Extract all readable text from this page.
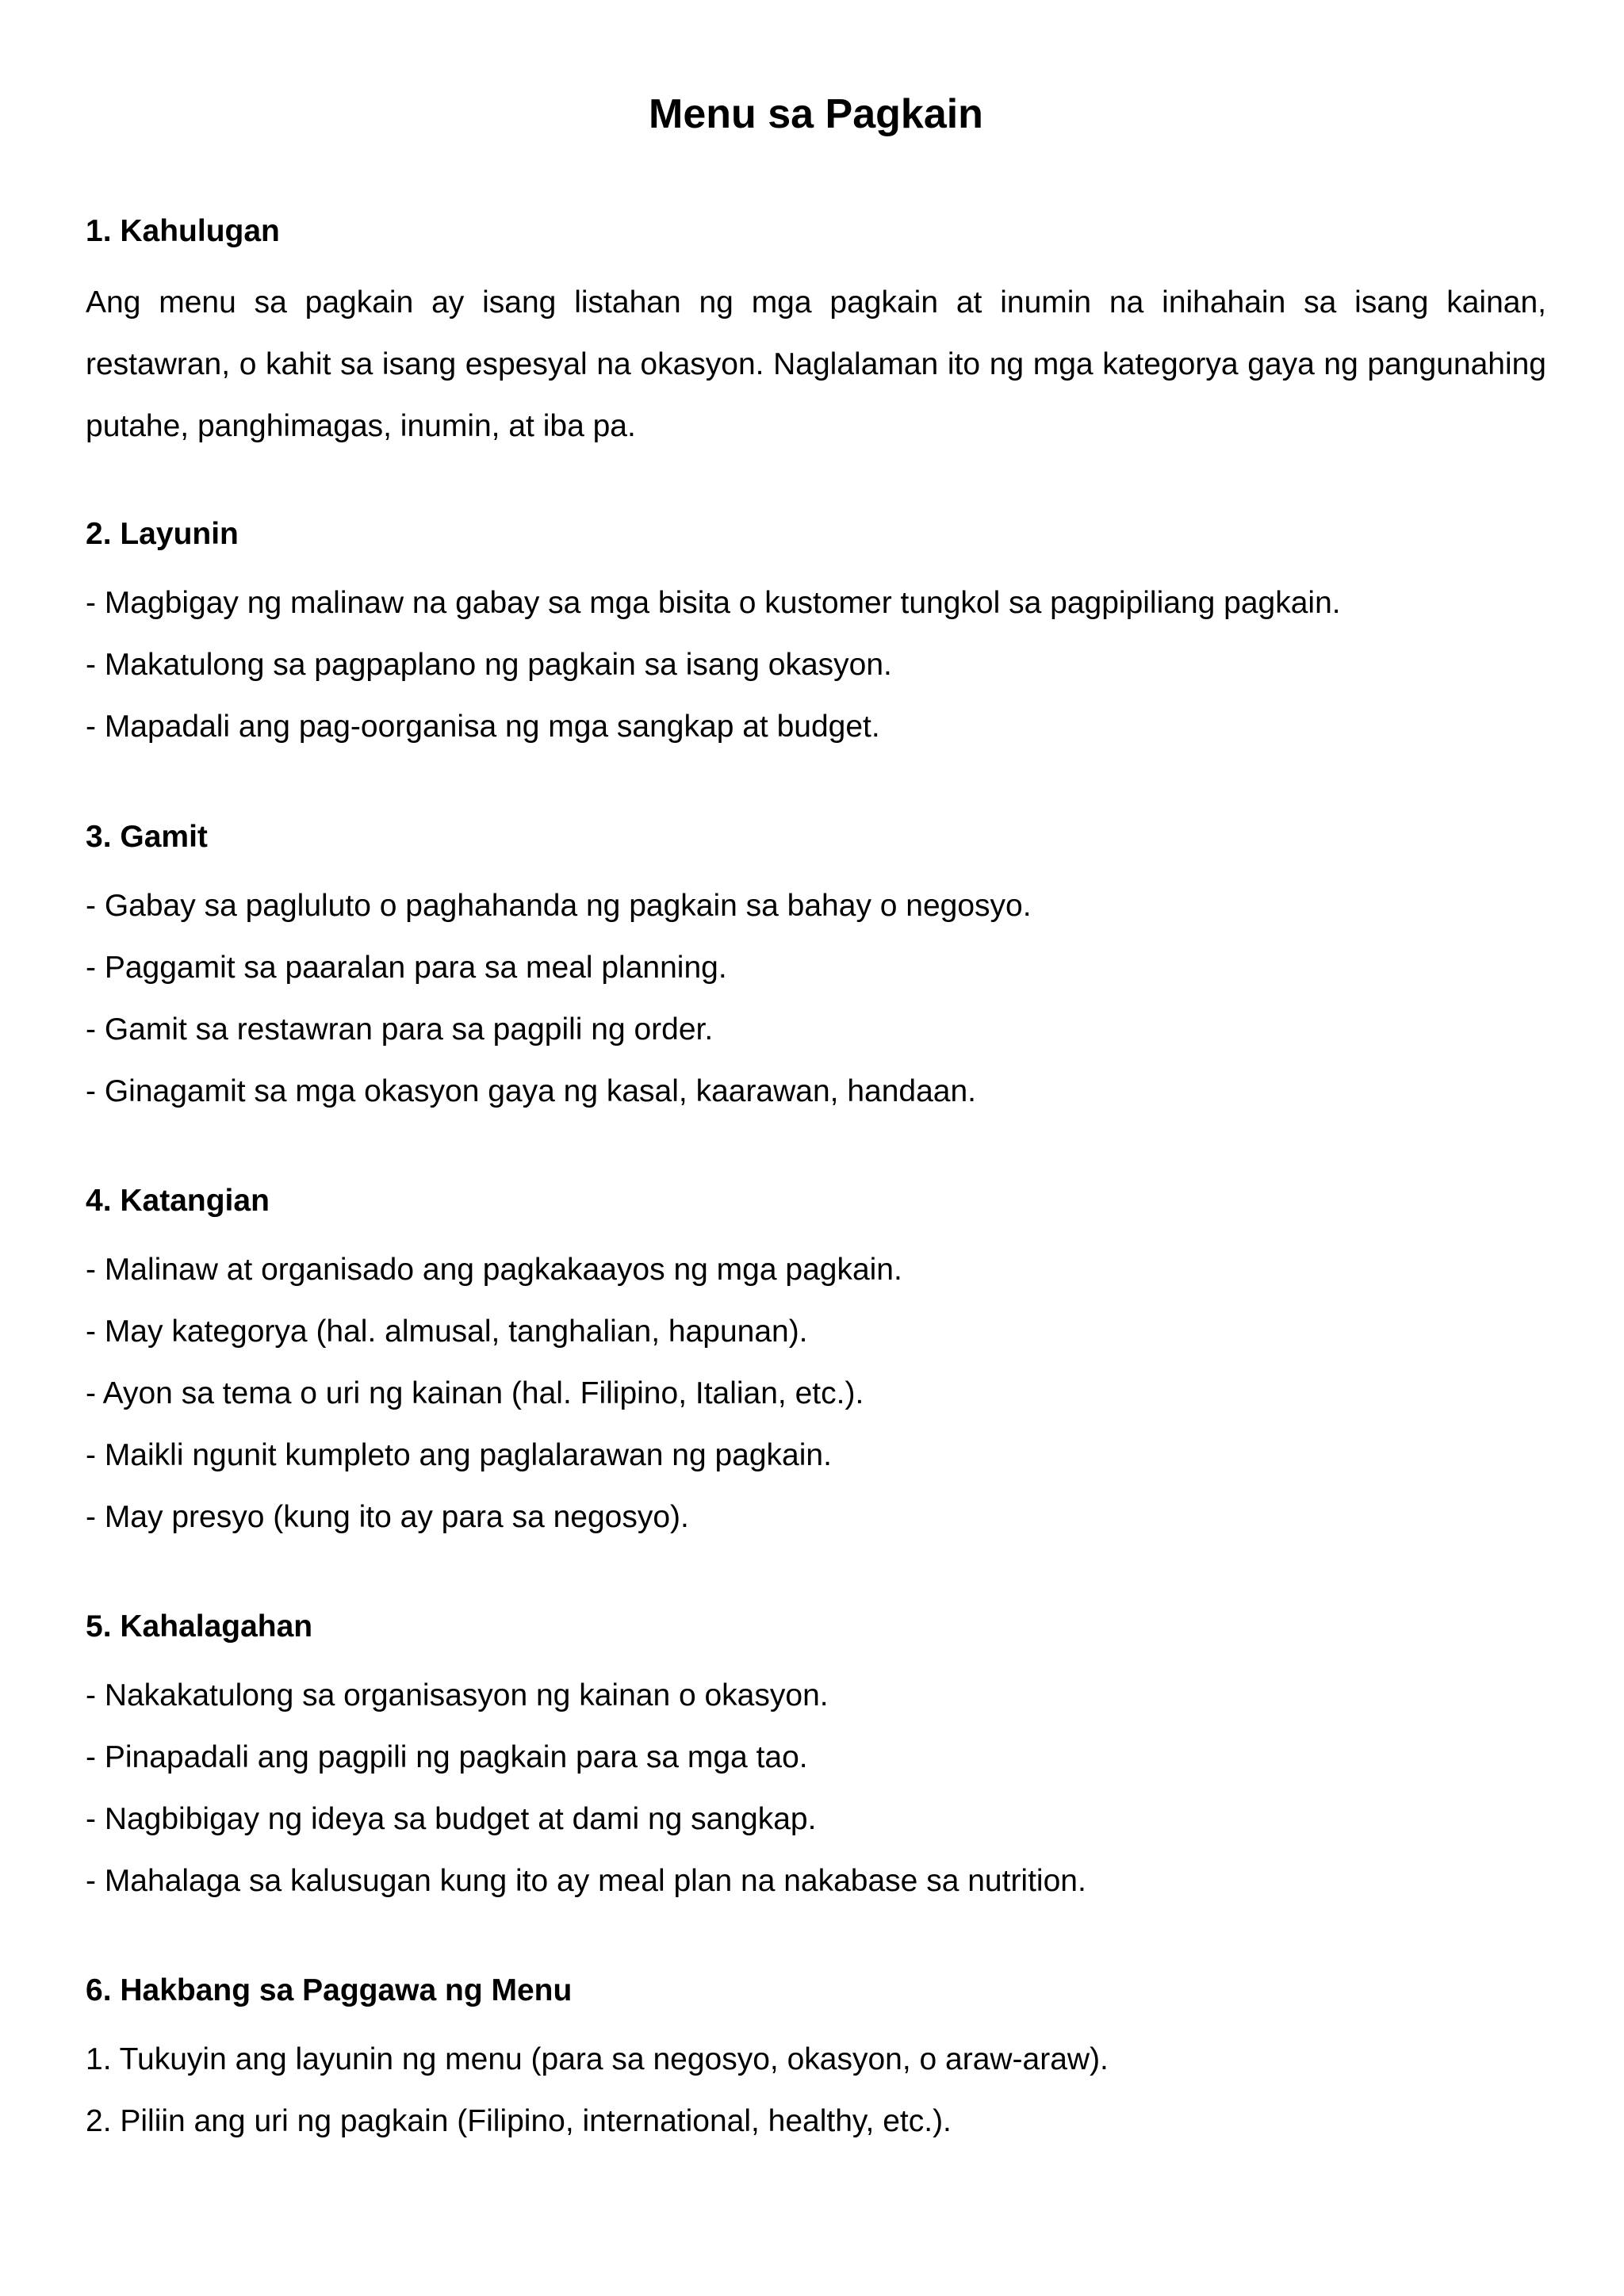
Menu sa Pagkain
1. Kahulugan

Ang menu sa pagkain ay isang listahan ng mga pagkain at inumin na inihahain sa isang kainan, restawran, o kahit sa isang espesyal na okasyon. Naglalaman ito ng mga kategorya gaya ng pangunahing putahe, panghimagas, inumin, at iba pa.

2. Layunin

- Magbigay ng malinaw na gabay sa mga bisita o kustomer tungkol sa pagpipiliang pagkain.

- Makatulong sa pagpaplano ng pagkain sa isang okasyon.

- Mapadali ang pag-oorganisa ng mga sangkap at budget.

3. Gamit

- Gabay sa pagluluto o paghahanda ng pagkain sa bahay o negosyo.

- Paggamit sa paaralan para sa meal planning.

- Gamit sa restawran para sa pagpili ng order.

- Ginagamit sa mga okasyon gaya ng kasal, kaarawan, handaan.

4. Katangian

- Malinaw at organisado ang pagkakaayos ng mga pagkain.

- May kategorya (hal. almusal, tanghalian, hapunan).

- Ayon sa tema o uri ng kainan (hal. Filipino, Italian, etc.).

- Maikli ngunit kumpleto ang paglalarawan ng pagkain.

- May presyo (kung ito ay para sa negosyo).

5. Kahalagahan

- Nakakatulong sa organisasyon ng kainan o okasyon.

- Pinapadali ang pagpili ng pagkain para sa mga tao.

- Nagbibigay ng ideya sa budget at dami ng sangkap.

- Mahalaga sa kalusugan kung ito ay meal plan na nakabase sa nutrition.

6. Hakbang sa Paggawa ng Menu

1. Tukuyin ang layunin ng menu (para sa negosyo, okasyon, o araw-araw).

2. Piliin ang uri ng pagkain (Filipino, international, healthy, etc.).
